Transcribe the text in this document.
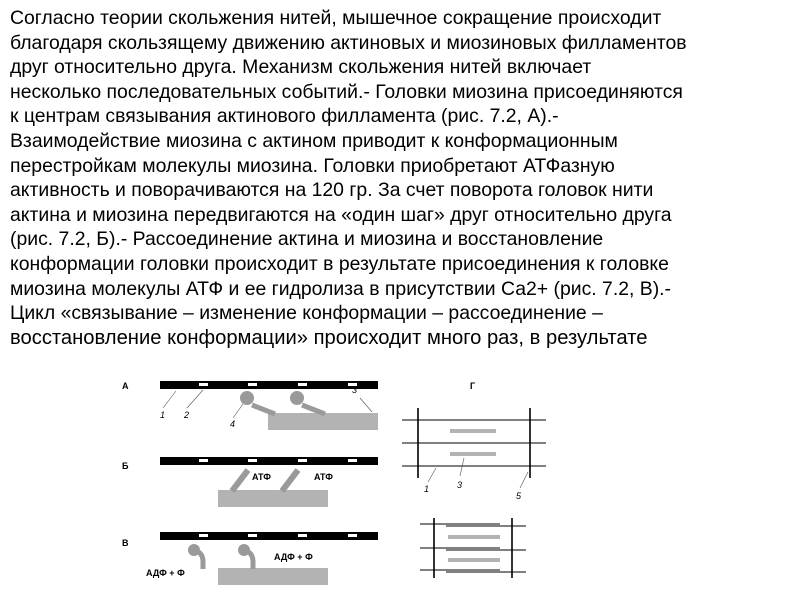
Согласно теории скольжения нитей, мышечное сокращение происходит
благодаря скользящему движению актиновых и миозиновых филламентов
друг относительно друга. Механизм скольжения нитей включает
несколько последовательных событий.- Головки миозина присоединяются
к центрам связывания актинового филламента (рис. 7.2, А).-
Взаимодействие миозина с актином приводит к конформационным
перестройкам молекулы миозина. Головки приобретают АТФазную
активность и поворачиваются на 120 гр. За счет поворота головок нити
актина и миозина передвигаются на «один шаг» друг относительно друга
(рис. 7.2, Б).- Рассоединение актина и миозина и восстановление
конформации головки происходит в результате присоединения к головке
миозина молекулы АТФ и ее гидролиза в присутствии Са2+ (рис. 7.2, В).-
Цикл «связывание – изменение конформации – рассоединение –
восстановление конформации» происходит много раз, в результате
А
1 2
4
3
Б
АТФ	АТФ
В
АДФ + Ф
АДФ + Ф
Г
1	3
5
